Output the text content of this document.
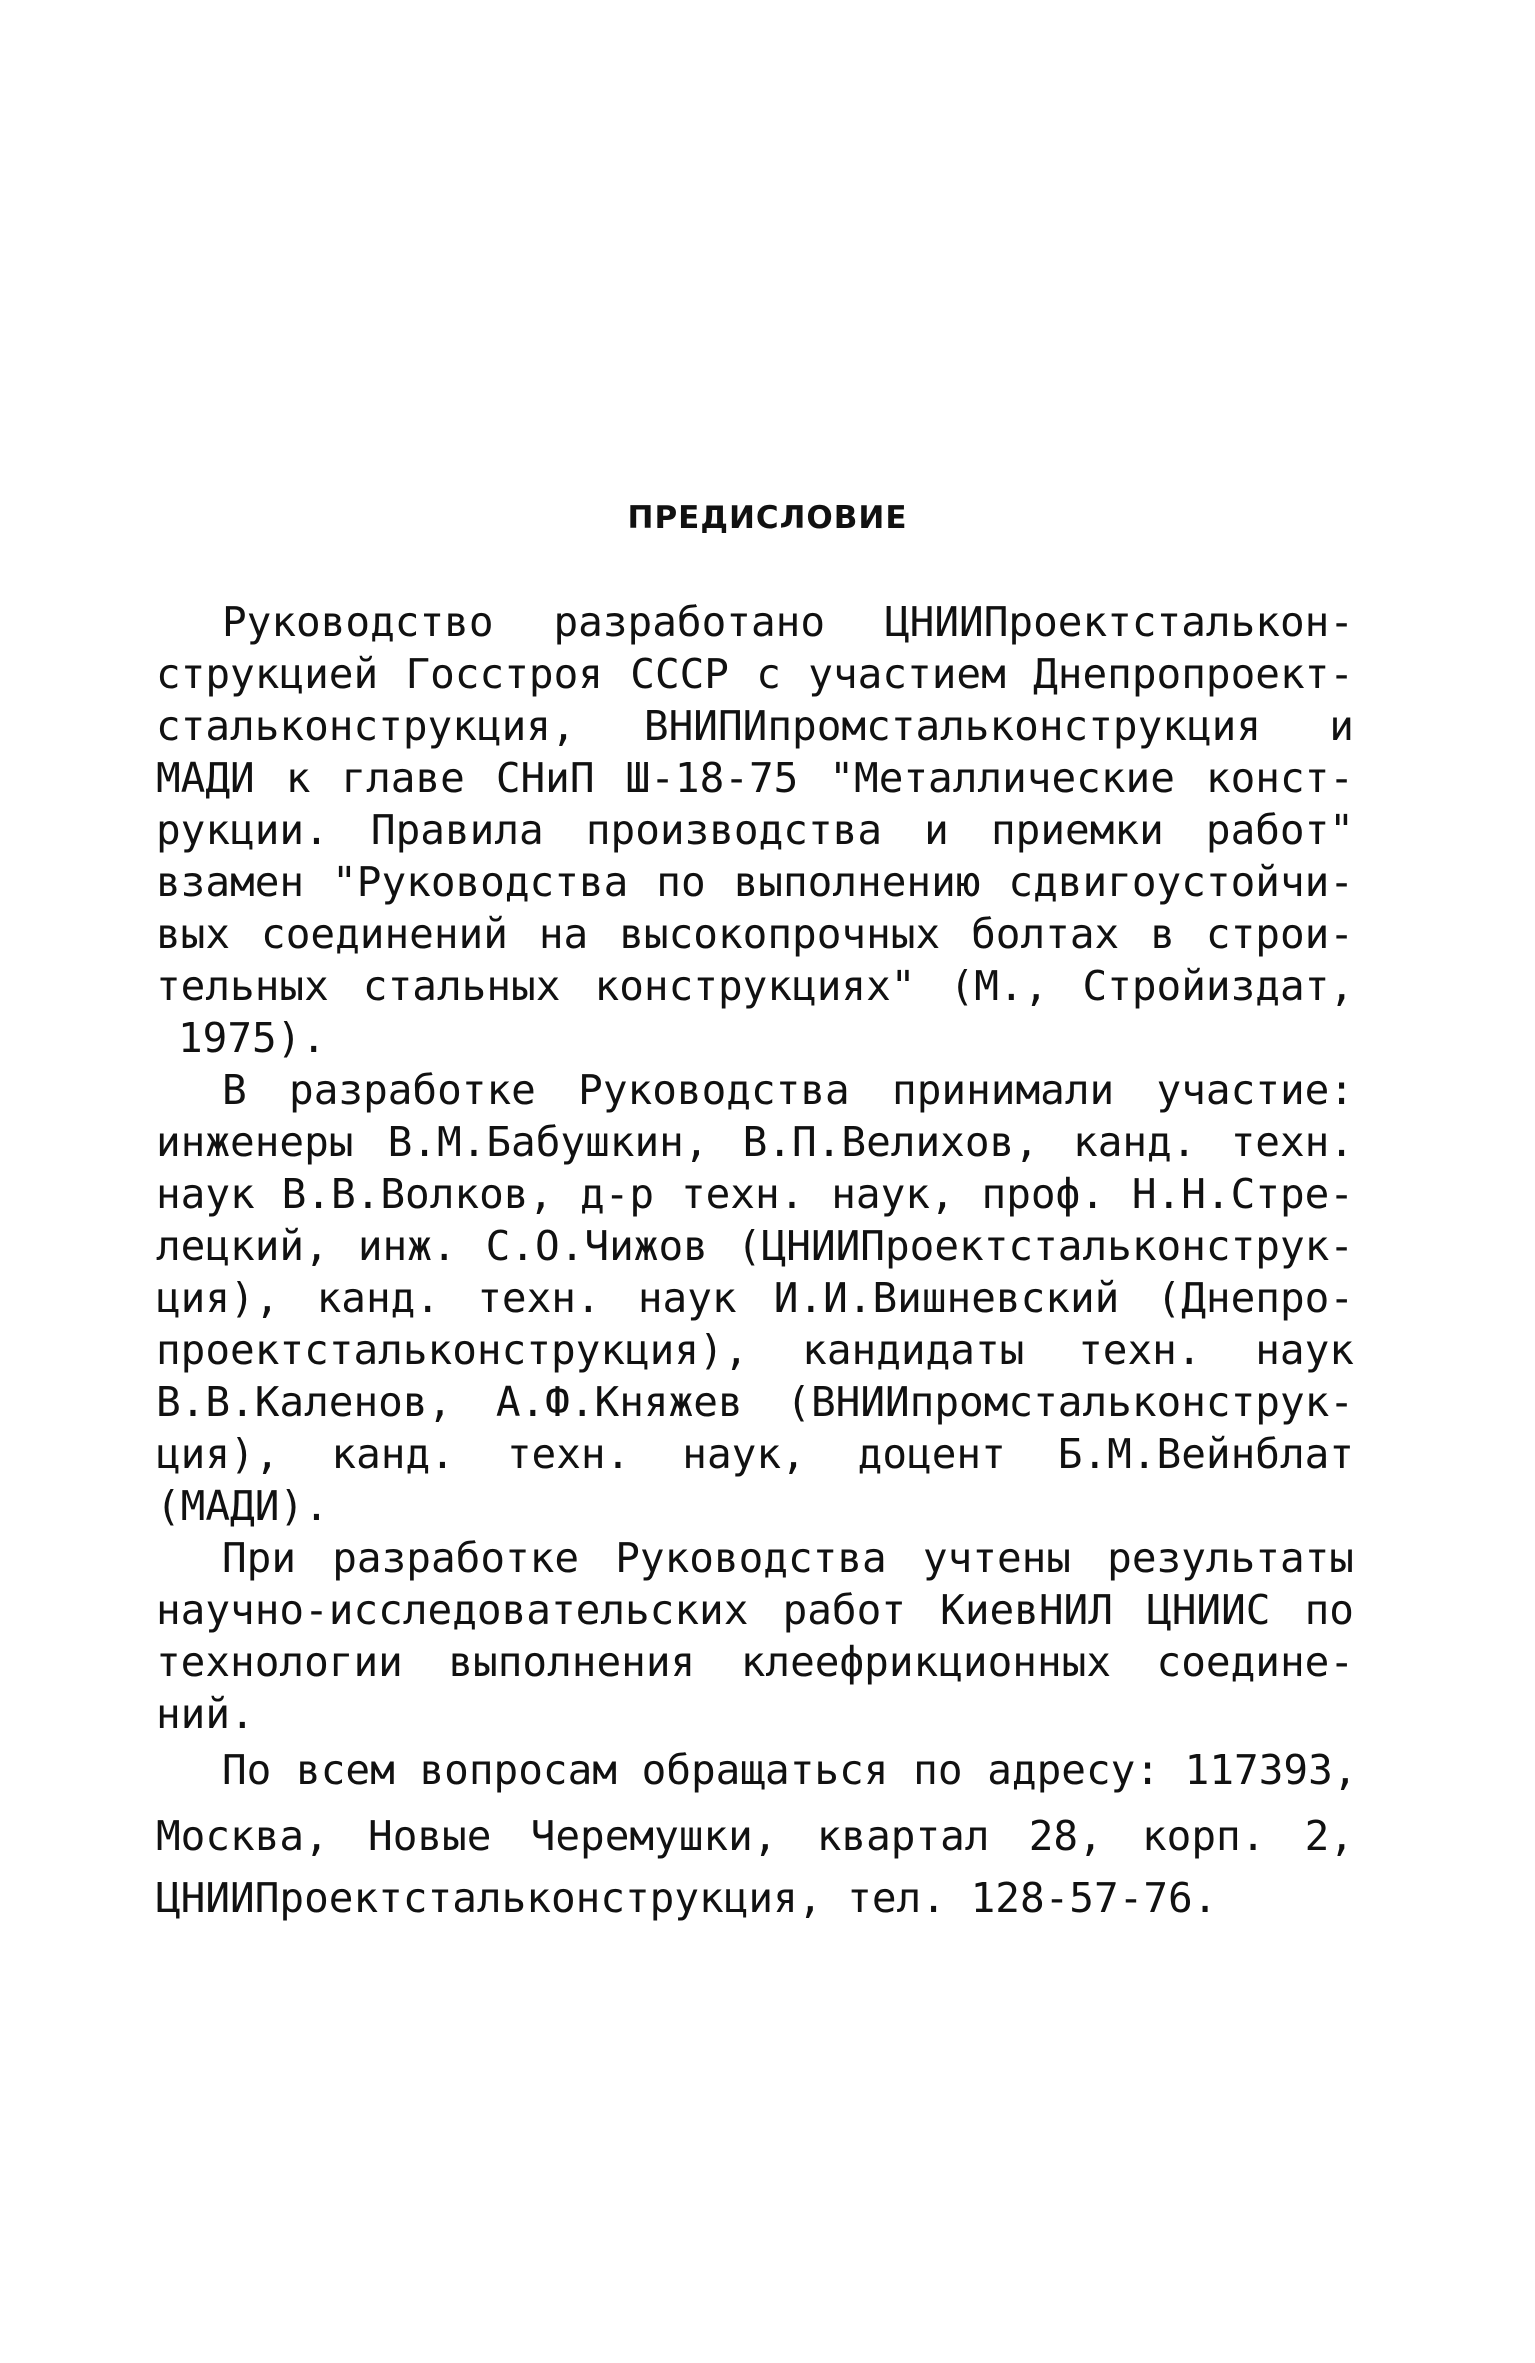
ПРЕДИСЛОВИЕ
Руководство разработано ЦНИИПроектсталькон-
струкцией Госстроя СССР с участием Днепропроект-
стальконструкция, ВНИПИпромстальконструкция и
МАДИ к главе СНиП Ш-18-75 "Металлические конст-
рукции. Правила производства и приемки работ"
взамен "Руководства по выполнению сдвигоустойчи-
вых соединений на высокопрочных болтах в строи-
тельных стальных конструкциях" (М., Стройиздат,
1975).
В разработке Руководства принимали участие:
инженеры В.М.Бабушкин, В.П.Велихов, канд. техн.
наук В.В.Волков, д-р техн. наук, проф. Н.Н.Стре-
лецкий, инж. С.О.Чижов (ЦНИИПроектстальконструк-
ция), канд. техн. наук И.И.Вишневский (Днепро-
проектстальконструкция), кандидаты техн. наук
В.В.Каленов, А.Ф.Княжев (ВНИИпромстальконструк-
ция), канд. техн. наук, доцент Б.М.Вейнблат
(МАДИ).
При разработке Руководства учтены результаты
научно-исследовательских работ КиевНИЛ ЦНИИС по
технологии выполнения клеефрикционных соедине-
ний.
По всем вопросам обращаться по адресу: 117393,
Москва, Новые Черемушки, квартал 28, корп. 2,
ЦНИИПроектстальконструкция, тел. 128-57-76.
